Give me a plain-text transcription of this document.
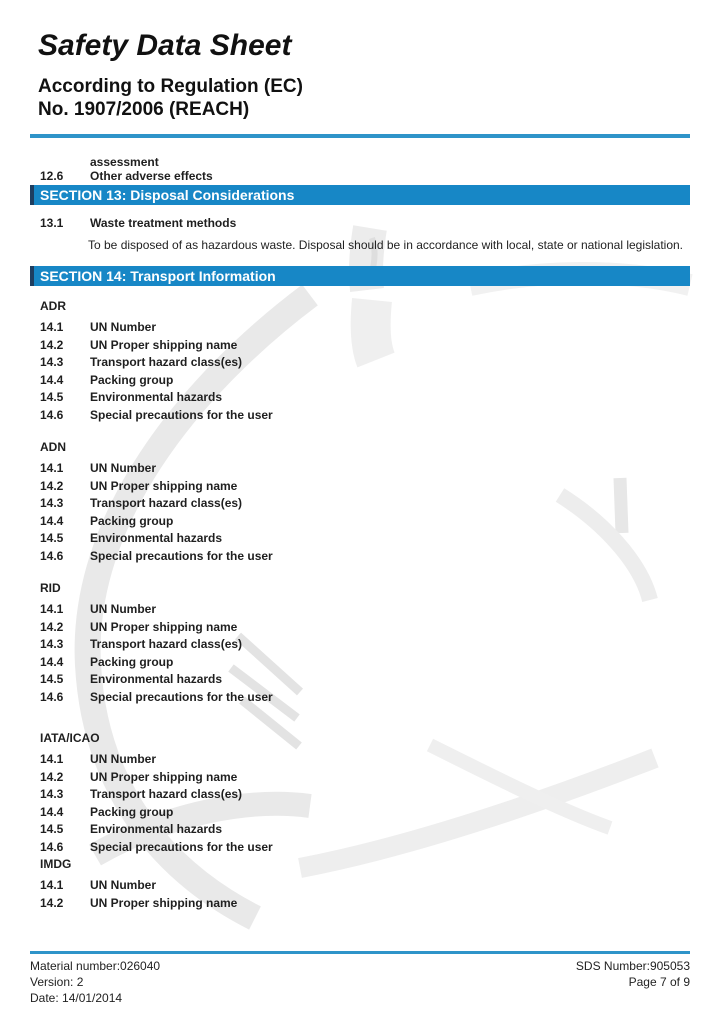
Safety Data Sheet
According to Regulation (EC)
No. 1907/2006 (REACH)
assessment
12.6	Other adverse effects
SECTION 13: Disposal Considerations
13.1	Waste treatment methods

To be disposed of as hazardous waste. Disposal should be in accordance with local, state or national legislation.

SECTION 14: Transport Information
ADR
14.1	UN Number
14.2	UN Proper shipping name
14.3	Transport hazard class(es)
14.4	Packing group
14.5	Environmental hazards
14.6	Special precautions for the user
ADN
14.1	UN Number
14.2	UN Proper shipping name
14.3	Transport hazard class(es)
14.4	Packing group
14.5	Environmental hazards
14.6	Special precautions for the user
RID
14.1	UN Number
14.2	UN Proper shipping name
14.3	Transport hazard class(es)
14.4	Packing group
14.5	Environmental hazards
14.6	Special precautions for the user
IATA/ICAO
14.1	UN Number
14.2	UN Proper shipping name
14.3	Transport hazard class(es)
14.4	Packing group
14.5	Environmental hazards
14.6	Special precautions for the user
IMDG
14.1	UN Number
14.2	UN Proper shipping name
Material number:026040
Version: 2
Date: 14/01/2014
SDS Number:905053
Page 7 of 9
